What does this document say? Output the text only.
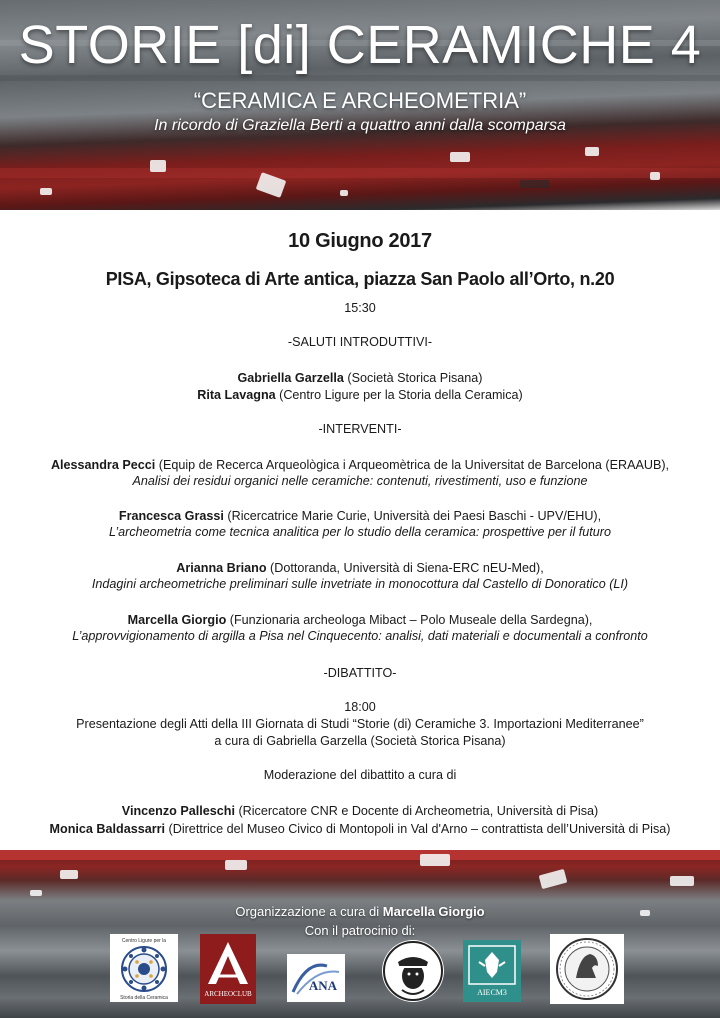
STORIE [di] CERAMICHE 4
“CERAMICA E ARCHEOMETRIA”
In ricordo di Graziella Berti a quattro anni dalla scomparsa
10 Giugno 2017
PISA, Gipsoteca di Arte antica, piazza San Paolo all’Orto, n.20
15:30
-SALUTI INTRODUTTIVI-
Gabriella Garzella (Società Storica Pisana)
Rita Lavagna (Centro Ligure per la Storia della Ceramica)
-INTERVENTI-
Alessandra Pecci (Equip de Recerca Arqueològica i Arqueomètrica de la Universitat de Barcelona (ERAAUB),
Analisi dei residui organici nelle ceramiche: contenuti, rivestimenti, uso e funzione
Francesca Grassi (Ricercatrice Marie Curie, Università dei Paesi Baschi - UPV/EHU),
L’archeometria come tecnica analitica per lo studio della ceramica: prospettive per il futuro
Arianna Briano (Dottoranda, Università di Siena-ERC nEU-Med),
Indagini archeometriche preliminari sulle invetriate in monocottura dal Castello di Donoratico (LI)
Marcella Giorgio (Funzionaria archeologa Mibact – Polo Museale della Sardegna),
L’approvvigionamento di argilla a Pisa nel Cinquecento: analisi, dati materiali e documentali a confronto
-DIBATTITO-
18:00
Presentazione degli Atti della III Giornata di Studi “Storie (di) Ceramiche 3. Importazioni Mediterranee”
a cura di Gabriella Garzella (Società Storica Pisana)
Moderazione del dibattito a cura di
Vincenzo Palleschi (Ricercatore CNR e Docente di Archeometria, Università di Pisa)
Monica Baldassarri (Direttrice del Museo Civico di Montopoli in Val d'Arno – contrattista dell’Università di Pisa)
Organizzazione a cura di Marcella Giorgio
Con il patrocinio di:
Centro Ligure per la
Storia della Ceramica	ARCHEOCLUB
ANA	AIECM3
